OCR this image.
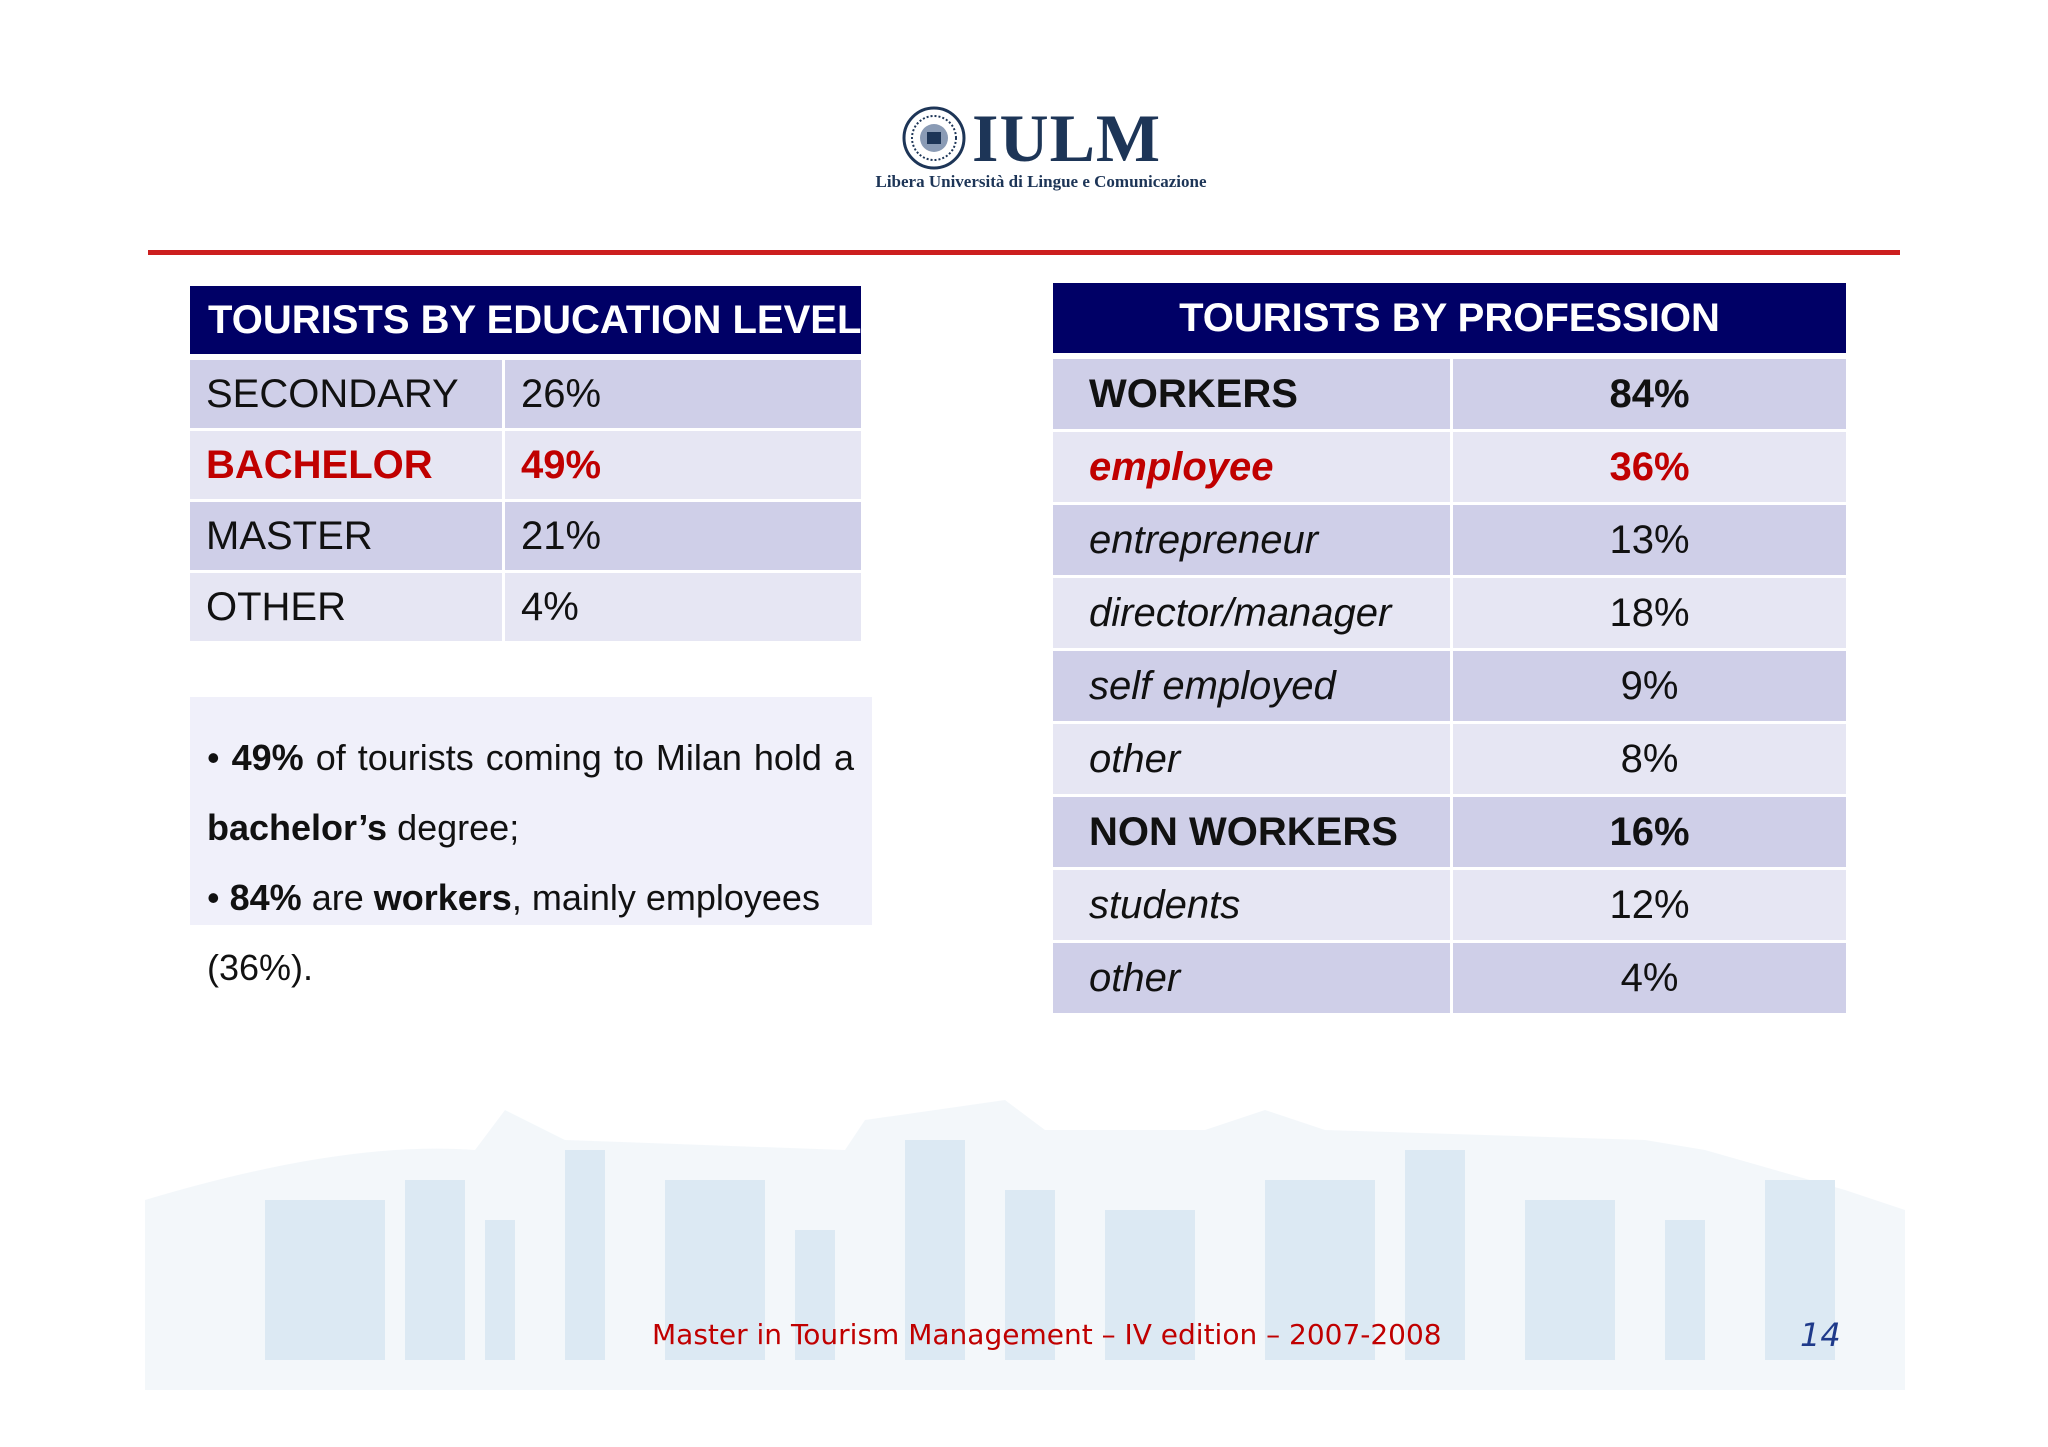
IULM
Libera Università di Lingue e Comunicazione
TOURISTS BY EDUCATION LEVEL	
SECONDARY	26%
BACHELOR	49%
MASTER	21%
OTHER	4%

• 49% of tourists coming to Milan hold a

bachelor’s degree;

• 84% are workers, mainly employees (36%).

TOURISTS BY PROFESSION	
WORKERS	84%
employee	36%
entrepreneur	13%
director/manager	18%
self employed	9%
other	8%
NON WORKERS	16%
students	12%
other	4%
Master in Tourism Management – IV edition – 2007-2008	14
